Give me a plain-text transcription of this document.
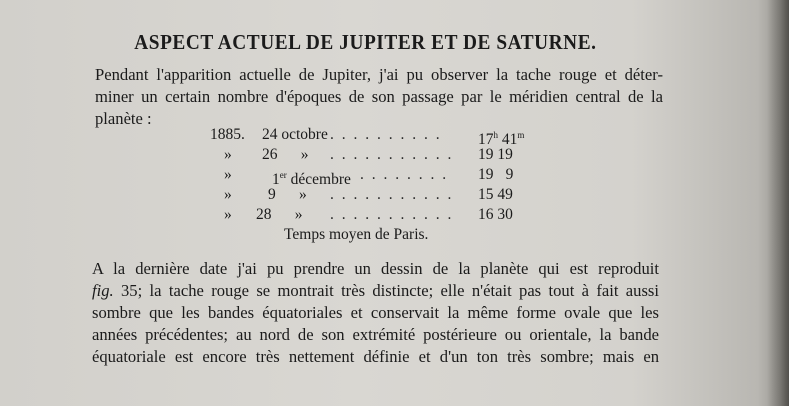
ASPECT ACTUEL DE JUPITER ET DE SATURNE.

Pendant l'apparition actuelle de Jupiter, j'ai pu observer la tache rouge et déter-
miner un certain nombre d'époques de son passage par le méridien central de la
planète :

1885. 24 octobre . . . . . . . . . . 17$^h$ 41$^m$
» 26      » . . . . . . . . . . . 19 19
»	1er décembre . . . . . . . . 19 9
» 9      » . . . . . . . . . . . 15 49
» 28      » . . . . . . . . . . . 16 30
Temps moyen de Paris.

A la dernière date j'ai pu prendre un dessin de la planète qui est reproduit
fig. 35; la tache rouge se montrait très distincte; elle n'était pas tout à fait aussi
sombre que les bandes équatoriales et conservait la même forme ovale que les
années précédentes; au nord de son extrémité postérieure ou orientale, la bande
équatoriale est encore très nettement définie et d'un ton très sombre; mais en
